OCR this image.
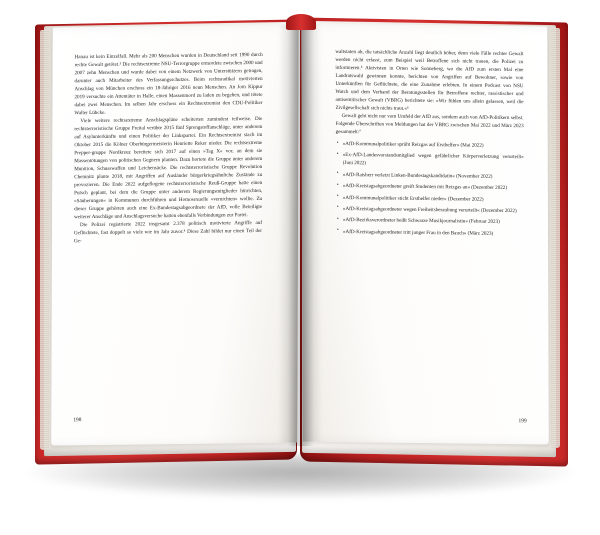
Hanau ist kein Einzelfall. Mehr als 200 Menschen wurden in Deutschland seit 1990 durch rechte Gewalt getötet.³ Die rechtsextreme NSU-Terrorgruppe ermordete zwischen 2000 und 2007 zehn Menschen und wurde dabei von einem Netzwerk von Unterstützern getragen, darunter auch Mitarbeiter des Verfassungsschutzes. Beim rechtsradikal motivierten Anschlag von München erschoss ein 18-Jähriger 2016 neun Menschen. An Jom Kippur 2019 versuchte ein Attentäter in Halle, einen Massenmord zu laden zu begehen, und tötete dabei zwei Menschen. Im selben Jahr erschoss ein Rechtsextremist den CDU-Politiker Walter Lübcke.

Viele weitere rechtsextreme Anschlagspläne scheiterten zumindest teilweise. Die rechtsterroristische Gruppe Freital verübte 2015 fünf Sprengstoffanschläge, unter anderem auf Asylunterkünfte und einen Politiker der Linkspartei. Ein Rechtsextremist stach im Oktober 2015 die Kölner Oberbürgermeisterin Henriette Reker nieder. Die rechtsextreme Prepper-gruppe Nordkreuz bereitete sich 2017 auf einen »Tag X« vor, an dem sie Massentötungen von politischen Gegnern planten. Dazu hortete die Gruppe unter anderem Munition, Schusswaffen und Leichensäcke. Die rechtsterroristische Gruppe Revolution Chemnitz plante 2018, mit Angriffen auf Ausländer bürgerkriegsähnliche Zustände zu provozieren. Die Ende 2022 aufgeflogene rechtsterroristische Reuß-Gruppe hatte einen Putsch geplant, bei dem die Gruppe unter anderem Regierungsmitglieder hinrichten, »Säuberungen« in Kommunen durchführen und Homosexuelle »vernichten« wollte. Zu dieser Gruppe gehörten auch eine Ex-Bundestagsabgeordnete der AfD, volle Beteiligte weiterer Anschläge und Anschlagsversuche hatten ebenfalls Verbindungen zur Partei.

Die Polizei registrierte 2022 insgesamt 2.378 politisch motivierte Angriffe auf Geflüchtete, fast doppelt so viele wie im Jahr zuvor.⁴ Diese Zahl bildet nur einen Teil der Ge-

198

waltstaten ab, die tatsächliche Anzahl liegt deutlich höher, denn viele Fälle rechter Gewalt werden nicht erfasst, zum Beispiel weil Betroffene sich nicht trauen, die Polizei zu informieren.⁵ Aktivisten in Orten wie Sonneberg, wo die AfD zum ersten Mal eine Landratswahl gewinnen konnte, berichten von Angriffen auf Bewohner, sowie von Unterkünften für Geflüchtete, die eine Zunahme erlebten. In einem Podcast von NSU Watch und dem Verband der Beratungsstellen für Betroffene rechter, rassistischer und antisemitischer Gewalt (VBRG) berichtete sie: »Wir fühlen uns allein gelassen, weil die Zivilgesellschaft sich nichts traut.«⁶

Gewalt geht nicht nur vom Umfeld der AfD aus, sondern auch von AfD-Politikern selbst. Folgende Überschriften von Meldungen hat der VBRG zwischen Mai 2022 und März 2023 gesammelt:⁷

• »AfD-Kommunalpolitiker sprüht Reizgas auf Ersthelfer« (Mai 2022)
• »Ex-AfD-Landesvorstandsmitglied wegen gefährlicher Körperverletzung verurteilt« (Juni 2022)
• »AfD-Ratsherr verletzt Linken-Bundestagskandidatin« (November 2022)
• »AfD-Kreistagsabgeordneter greift Studenten mit Reizgas an« (Dezember 2022)
• »AfD-Kommunalpolitiker sticht Ersthelfer nieder« (Dezember 2022)
• »AfD-Kreistagsabgeordneter wegen Freiheitsberaubung verurteilt« (Dezember 2022)
• »AfD-Bezirksverordneter beißt Schwarze Musikjournalistin« (Februar 2023)
• »AfD-Kreistagsabgeordneter tritt junger Frau in den Bauch« (März 2023)
199
